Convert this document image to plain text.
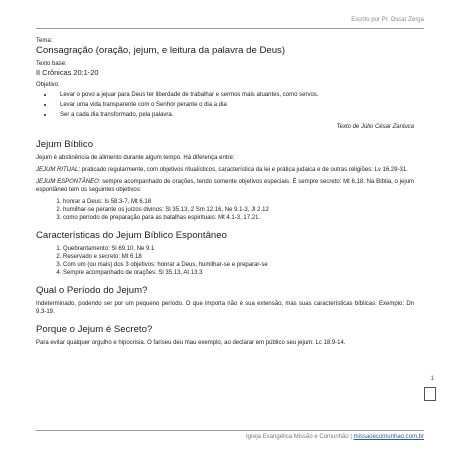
Escrito por Pr. Oscar Zerga
Tema:
Consagração (oração, jejum, e leitura da palavra de Deus)
Texto base:
II Crônicas 20:1-20
Objetivo:
• Levar o povo a jejuar para Deus ter liberdade de trabalhar e sermos mais atuantes, como servos.
• Levar uma vida transparente com o Senhor perante o dia a dia
• Ser a cada dia transformado, pela palavra.
Texto de Júlio César Zanluca
Jejum Bíblico

Jejum é abstinência de alimento durante algum tempo. Há diferença entre:

JEJUM RITUAL: praticado regularmente, com objetivos ritualísticos, característica da lei e prática judaica e de outras religiões: Lv 16.29-31.

JEJUM ESPONTÂNEO: sempre acompanhado de orações, tendo somente objetivos especiais. É sempre secreto: Mt 6.18. Na Bíblia, o jejum espontâneo tem os seguintes objetivos:

1. honrar a Deus: Is 58.3-7, Mt 6.18
2. humilhar-se perante os juízos divinos: Sl 35.13, 2 Sm 12.16, Ne 9.1-3, Jl 2.12
3. como período de preparação para as batalhas espirituais: Mt 4.1-3, 17.21.
Características do Jejum Bíblico Espontâneo
1. Quebrantamento: Sl 69.10, Ne 9.1
2. Reservado e secreto: Mt 6.18
3. Com um (ou mais) dos 3 objetivos: honrar a Deus, humilhar-se e preparar-se
4. Sempre acompanhado de orações: Sl 35.13, At 13.3
Qual o Período do Jejum?

Indeterminado, podendo ser por um pequeno período. O que importa não é sua extensão, mas suas características bíblicas. Exemplo: Dn 9.3-19.

Porque o Jejum é Secreto?

Para evitar qualquer orgulho e hipocrisia. O fariseu deu mau exemplo, ao declarar em público seu jejum: Lc 18.9-14.

1
Igreja Evangélica Missão e Comunhão | missaoecomunhao.com.br
